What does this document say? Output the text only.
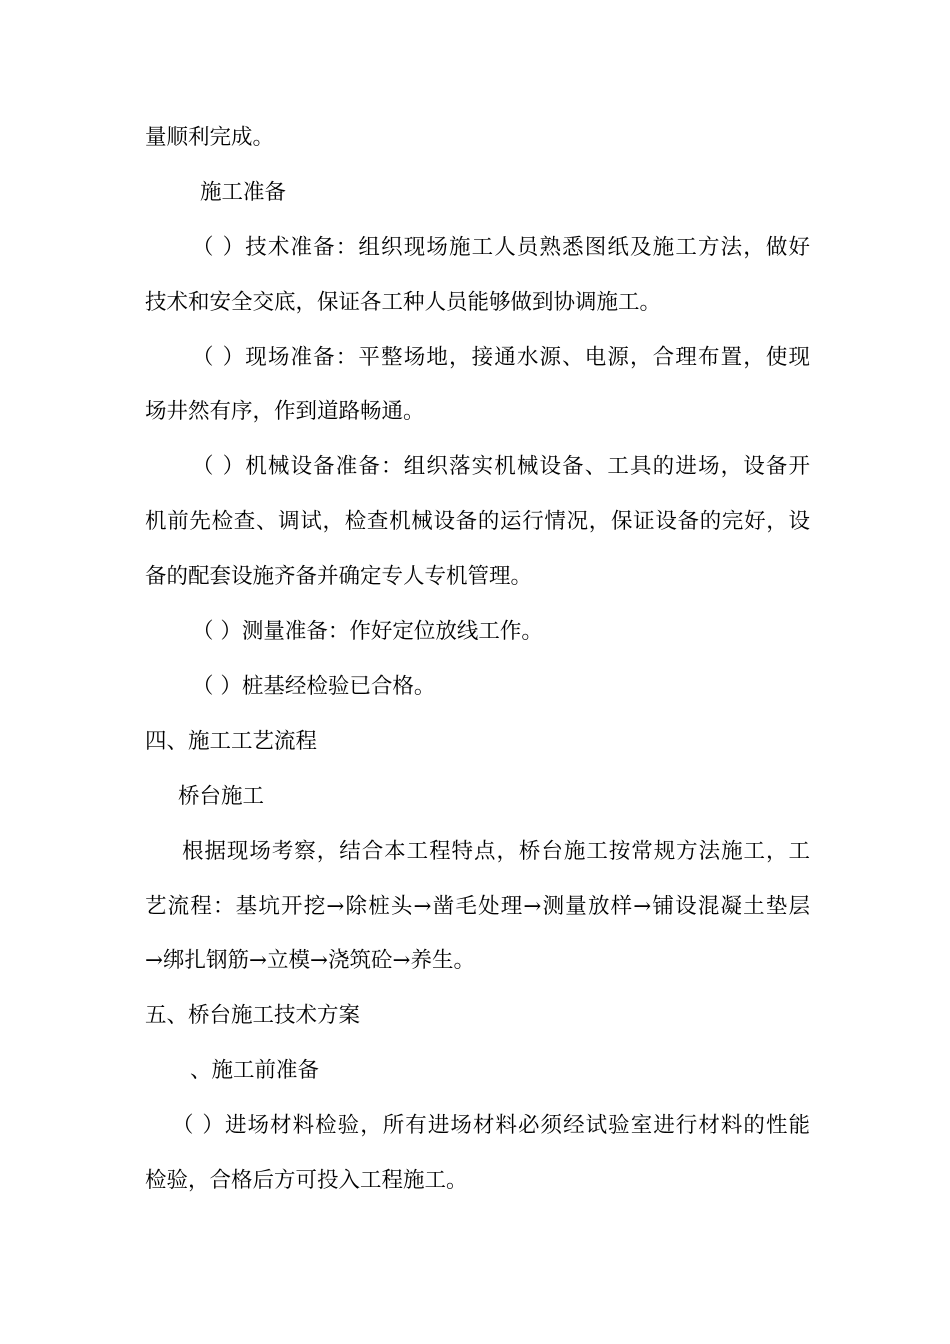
量顺利完成。
施工准备
（ ）技术准备：组织现场施工人员熟悉图纸及施工方法，做好
技术和安全交底，保证各工种人员能够做到协调施工。
（ ）现场准备：平整场地，接通水源、电源，合理布置，使现
场井然有序，作到道路畅通。
（ ）机械设备准备：组织落实机械设备、工具的进场，设备开
机前先检查、调试，检查机械设备的运行情况，保证设备的完好，设
备的配套设施齐备并确定专人专机管理。
（ ）测量准备：作好定位放线工作。
（ ）桩基经检验已合格。
四、施工工艺流程
桥台施工
根据现场考察，结合本工程特点，桥台施工按常规方法施工，工
艺流程：基坑开挖→除桩头→凿毛处理→测量放样→铺设混凝土垫层
→绑扎钢筋→立模→浇筑砼→养生。
五、桥台施工技术方案
、施工前准备
（ ）进场材料检验，所有进场材料必须经试验室进行材料的性能
检验，合格后方可投入工程施工。
